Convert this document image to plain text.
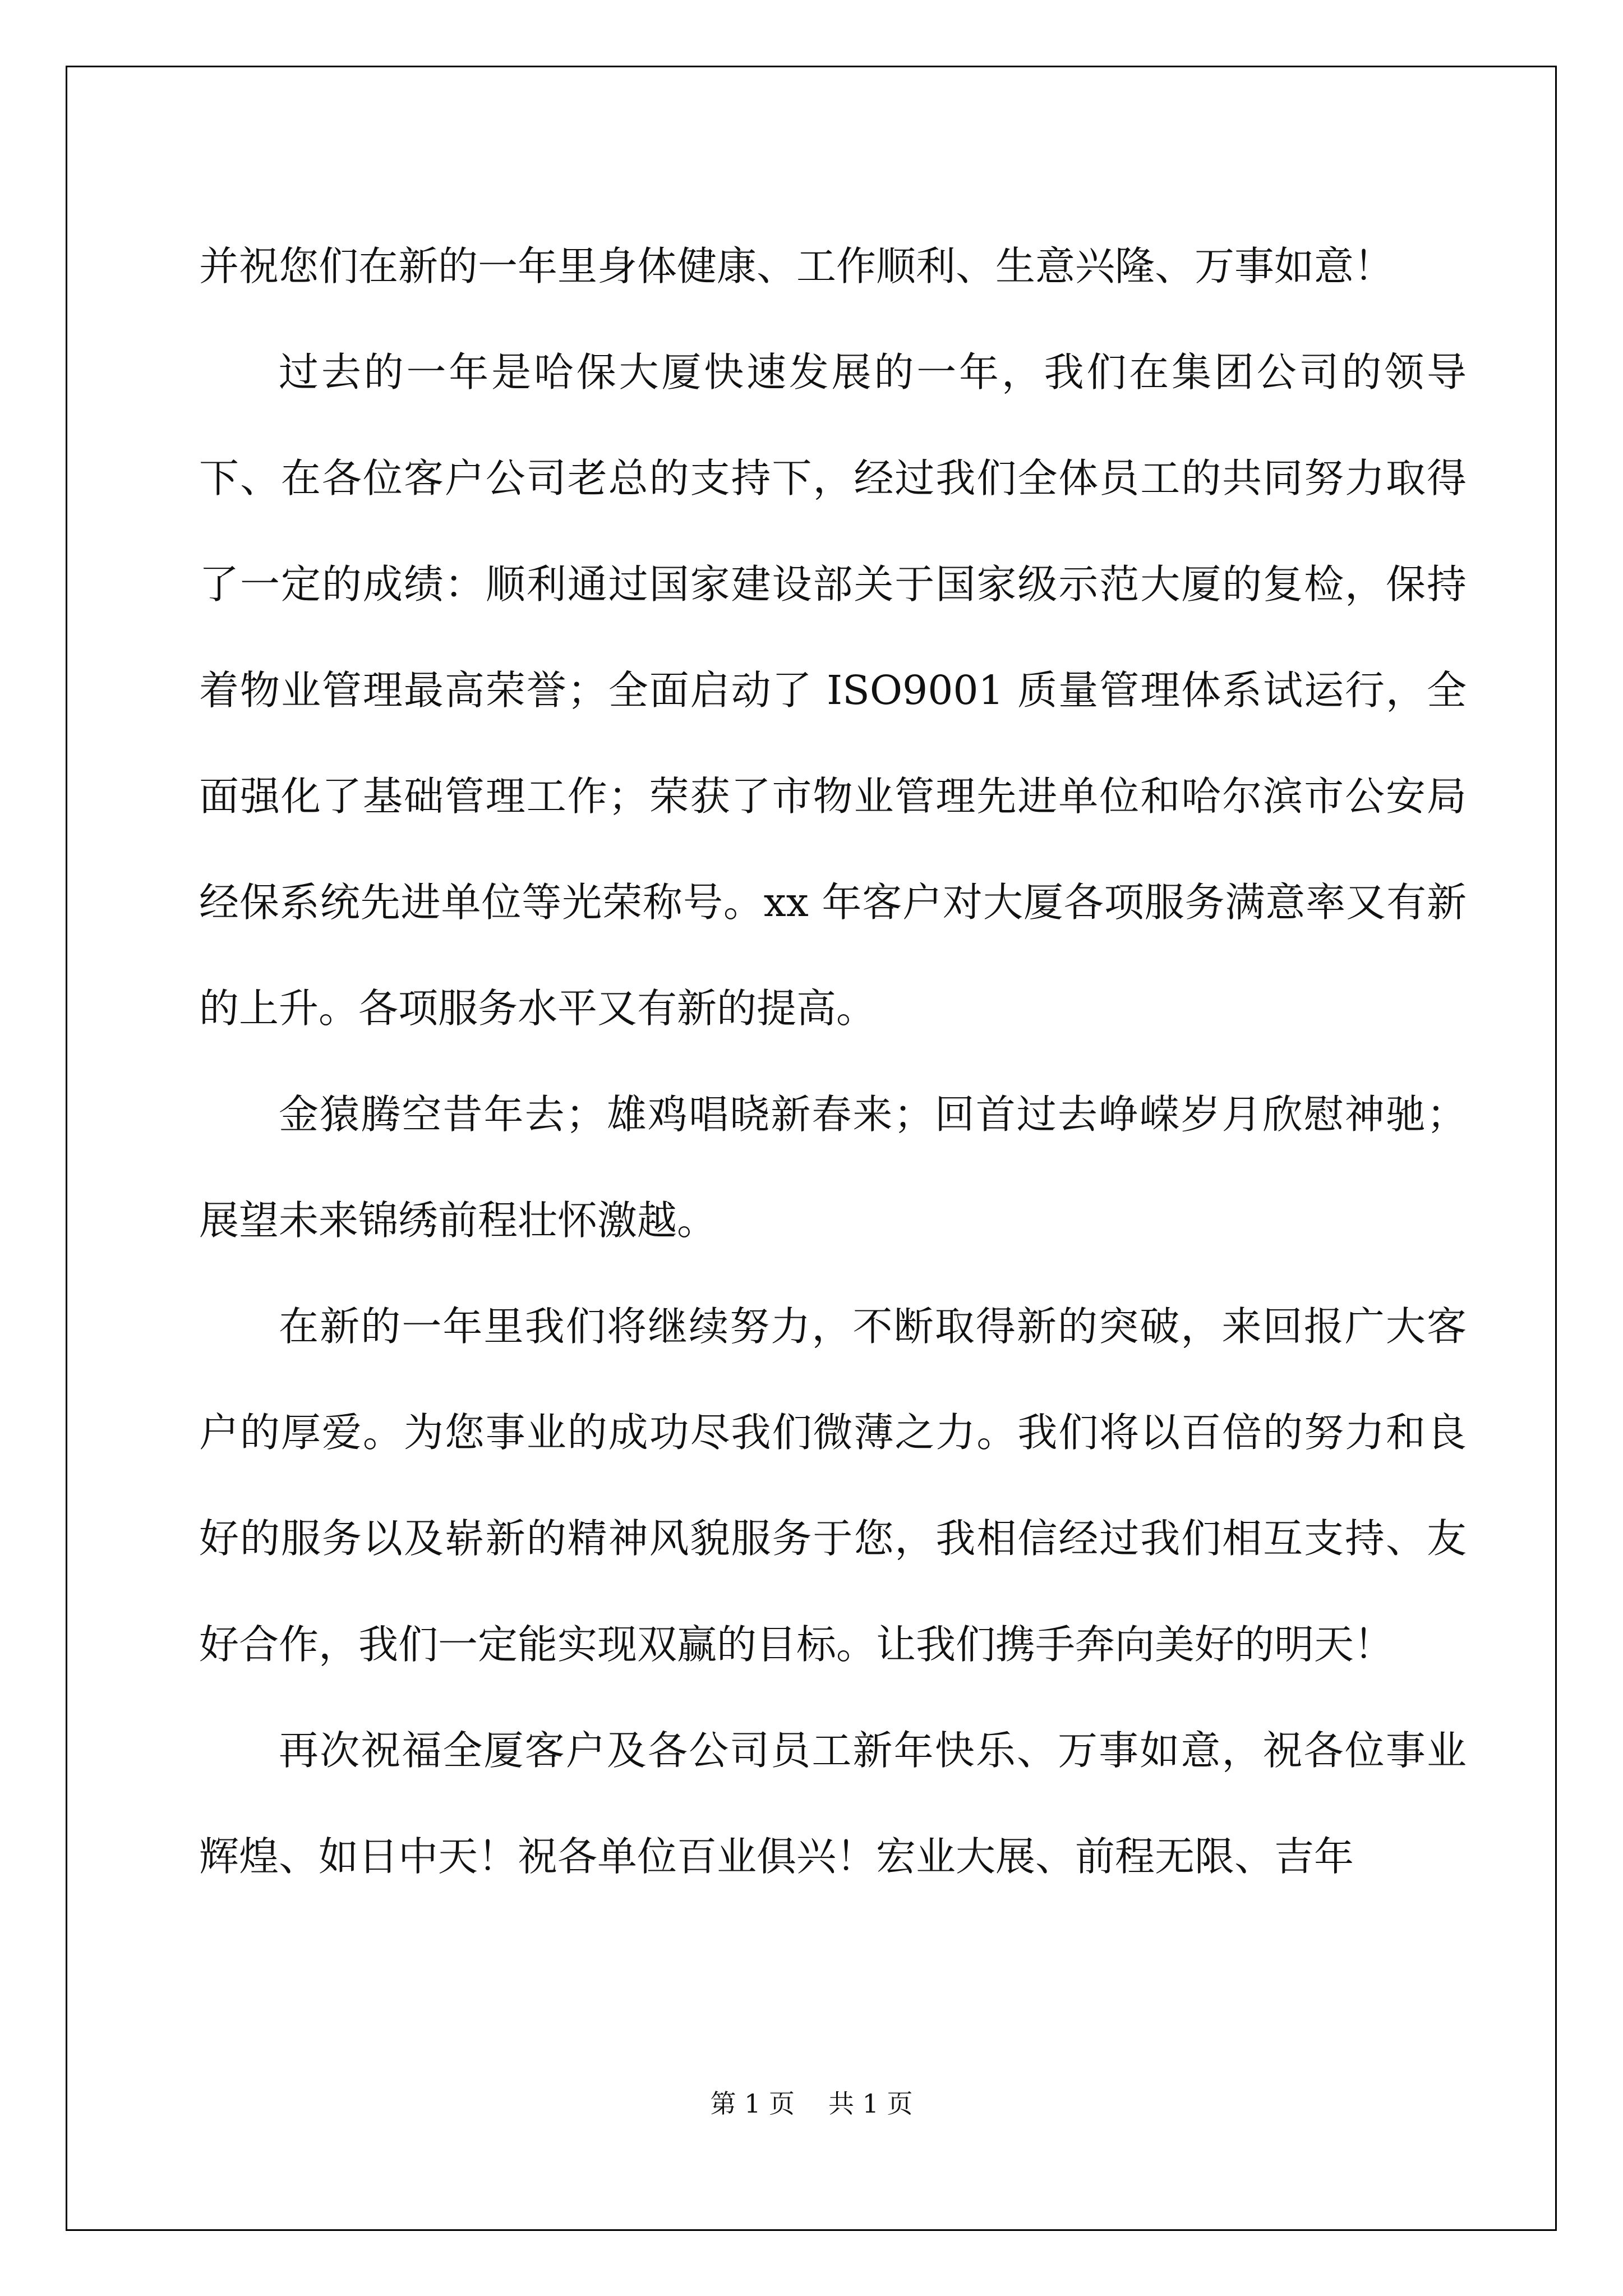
并祝您们在新的一年里身体健康、工作顺利、生意兴隆、万事如意！

过去的一年是哈保大厦快速发展的一年，我们在集团公司的领导下、在各位客户公司老总的支持下，经过我们全体员工的共同努力取得了一定的成绩：顺利通过国家建设部关于国家级示范大厦的复检，保持着物业管理最高荣誉；全面启动了 ISO9001 质量管理体系试运行，全面强化了基础管理工作；荣获了市物业管理先进单位和哈尔滨市公安局经保系统先进单位等光荣称号。xx 年客户对大厦各项服务满意率又有新的上升。各项服务水平又有新的提高。

金猿腾空昔年去；雄鸡唱晓新春来；回首过去峥嵘岁月欣慰神驰；展望未来锦绣前程壮怀激越。

在新的一年里我们将继续努力，不断取得新的突破，来回报广大客户的厚爱。为您事业的成功尽我们微薄之力。我们将以百倍的努力和良好的服务以及崭新的精神风貌服务于您，我相信经过我们相互支持、友好合作，我们一定能实现双赢的目标。让我们携手奔向美好的明天！

再次祝福全厦客户及各公司员工新年快乐、万事如意，祝各位事业辉煌、如日中天！祝各单位百业俱兴！宏业大展、前程无限、吉年

第 1 页 共 1 页
